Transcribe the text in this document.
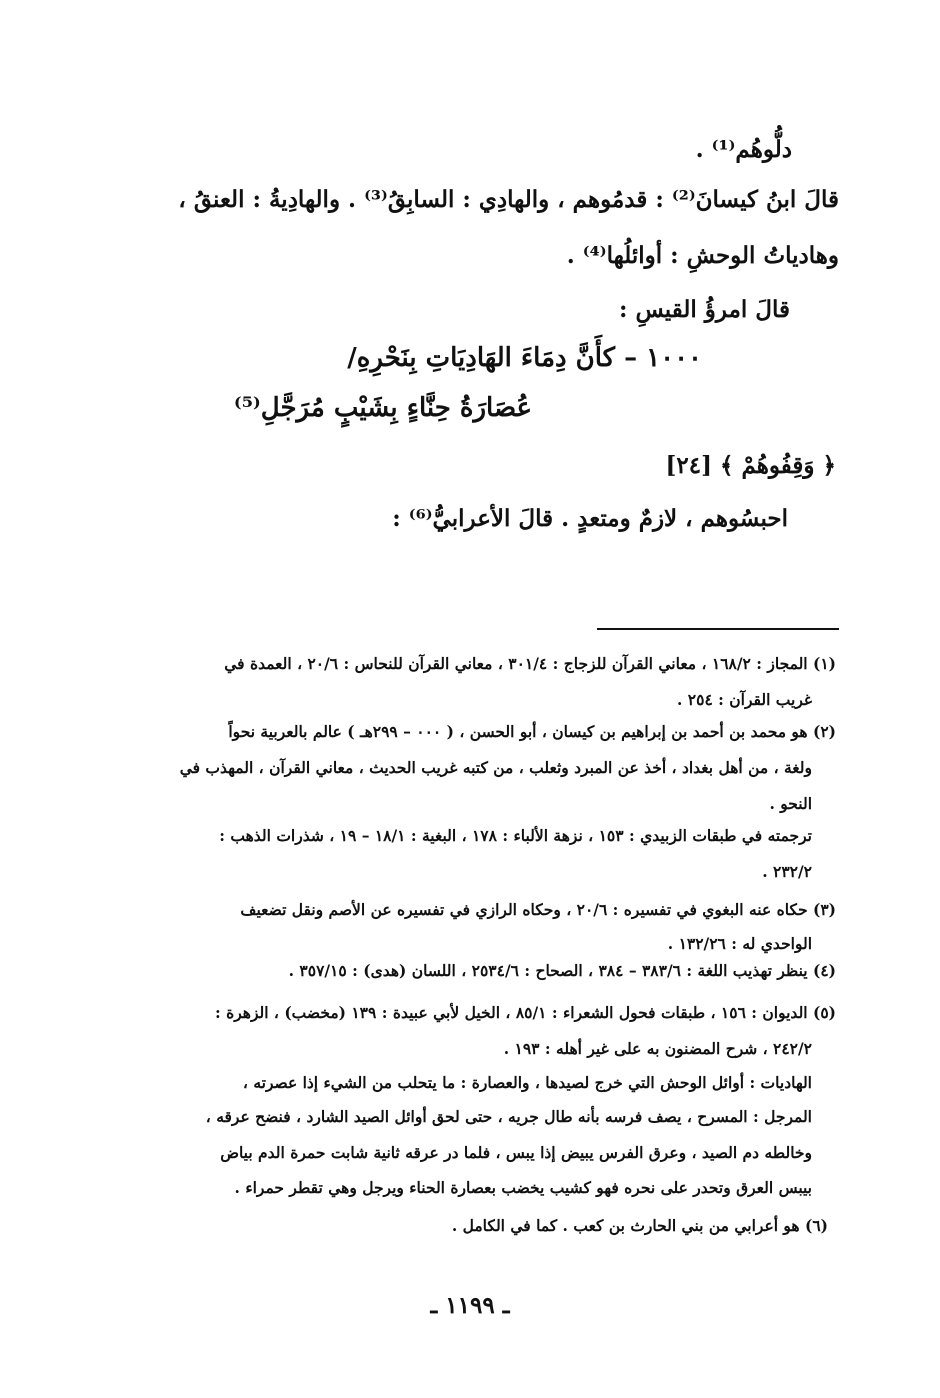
دلُّوهُم⁽¹⁾ .
قالَ ابنُ كيسانَ⁽²⁾ : قدمُوهم ، والهادِي : السابِقُ⁽³⁾ . والهادِيةُ : العنقُ ،
وهادياتُ الوحشِ : أوائلُها⁽⁴⁾ .
قالَ امرؤُ القيسِ :
١٠٠٠ – كأَنَّ دِمَاءَ الهَادِيَاتِ بِنَحْرِهِ/
عُصَارَةُ حِنَّاءٍ بِشَيْبٍ مُرَجَّلِ⁽⁵⁾
﴿ وَقِفُوهُمْ ﴾ [٢٤]
احبسُوهم ، لازمٌ ومتعدٍ . قالَ الأعرابيُّ⁽⁶⁾ :
(١) المجاز : ١٦٨/٢ ، معاني القرآن للزجاج : ٣٠١/٤ ، معاني القرآن للنحاس : ٢٠/٦ ، العمدة في
غريب القرآن : ٢٥٤ .
(٢) هو محمد بن أحمد بن إبراهيم بن كيسان ، أبو الحسن ، ( ٠٠٠ – ٢٩٩هـ ) عالم بالعربية نحواً
ولغة ، من أهل بغداد ، أخذ عن المبرد وثعلب ، من كتبه غريب الحديث ، معاني القرآن ، المهذب في
النحو .
ترجمته في طبقات الزبيدي : ١٥٣ ، نزهة الألباء : ١٧٨ ، البغية : ١٨/١ – ١٩ ، شذرات الذهب :
٢٣٢/٢ .
(٣) حكاه عنه البغوي في تفسيره : ٢٠/٦ ، وحكاه الرازي في تفسيره عن الأصم ونقل تضعيف
الواحدي له : ١٣٢/٢٦ .
(٤) ينظر تهذيب اللغة : ٣٨٣/٦ – ٣٨٤ ، الصحاح : ٢٥٣٤/٦ ، اللسان (هدى) : ٣٥٧/١٥ .
(٥) الديوان : ١٥٦ ، طبقات فحول الشعراء : ٨٥/١ ، الخيل لأبي عبيدة : ١٣٩ (مخضب) ، الزهرة :
٢٤٢/٢ ، شرح المضنون به على غير أهله : ١٩٣ .
الهاديات : أوائل الوحش التي خرج لصيدها ، والعصارة : ما يتحلب من الشيء إذا عصرته ،
المرجل : المسرح ، يصف فرسه بأنه طال جريه ، حتى لحق أوائل الصيد الشارد ، فنضح عرقه ،
وخالطه دم الصيد ، وعرق الفرس يبيض إذا يبس ، فلما در عرقه ثانية شابت حمرة الدم بياض
بيبس العرق وتحدر على نحره فهو كشيب يخضب بعصارة الحناء ويرجل وهي تقطر حمراء .
(٦) هو أعرابي من بني الحارث بن كعب . كما في الكامل .
ـ ١١٩٩ ـ
